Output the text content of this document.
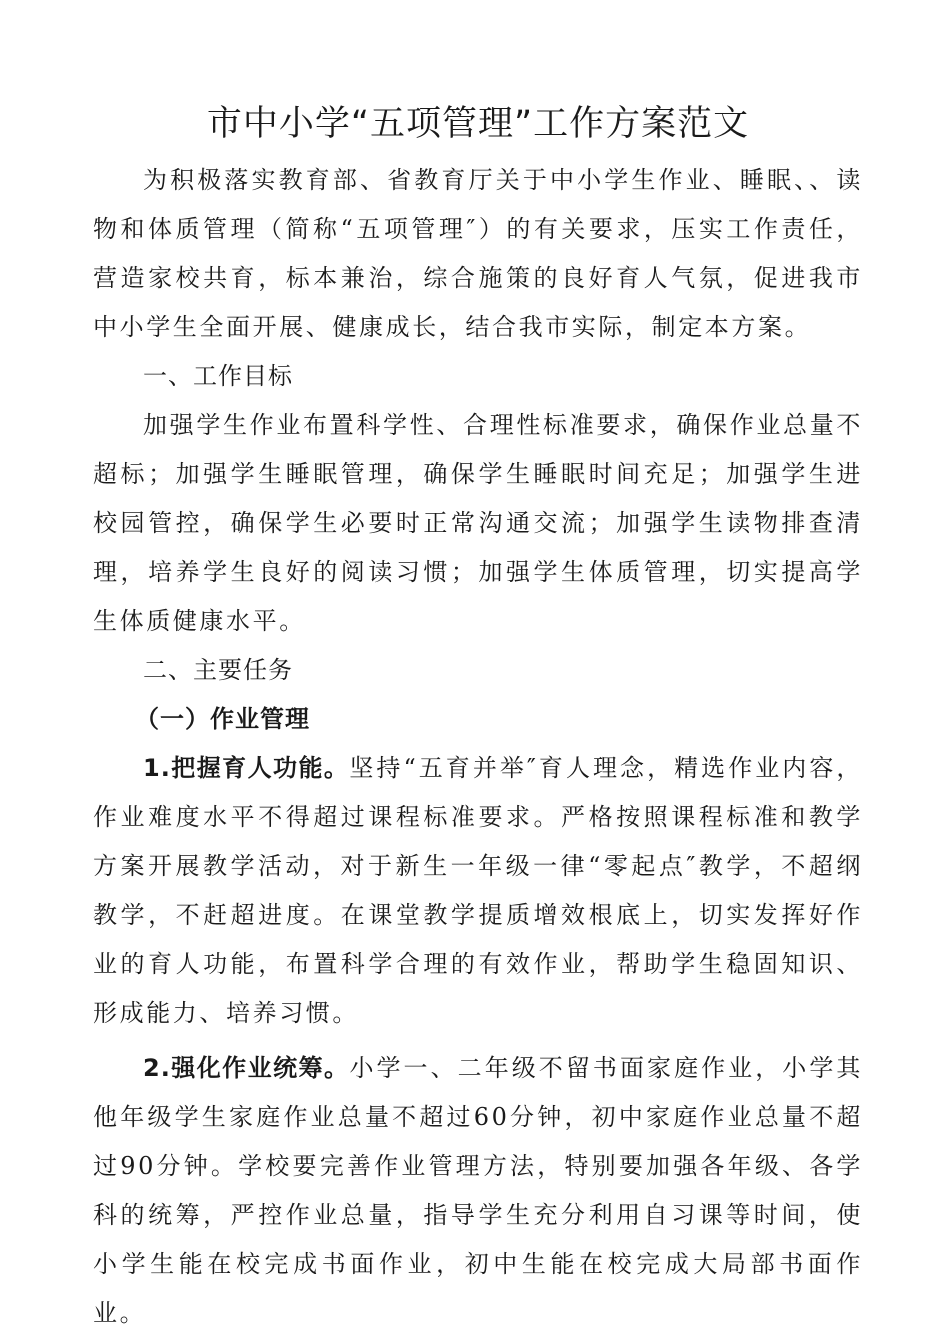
市中小学“五项管理”工作方案范文

为积极落实教育部、省教育厅关于中小学生作业、睡眠、、读物和体质管理（简称“五项管理″）的有关要求，压实工作责任，营造家校共育，标本兼治，综合施策的良好育人气氛，促进我市中小学生全面开展、健康成长，结合我市实际，制定本方案。

一、工作目标

加强学生作业布置科学性、合理性标准要求，确保作业总量不超标；加强学生睡眠管理，确保学生睡眠时间充足；加强学生进校园管控，确保学生必要时正常沟通交流；加强学生读物排查清理，培养学生良好的阅读习惯；加强学生体质管理，切实提高学生体质健康水平。

二、主要任务
（一）作业管理

1.把握育人功能。坚持“五育并举″育人理念，精选作业内容，作业难度水平不得超过课程标准要求。严格按照课程标准和教学方案开展教学活动，对于新生一年级一律“零起点″教学，不超纲教学，不赶超进度。在课堂教学提质增效根底上，切实发挥好作业的育人功能，布置科学合理的有效作业，帮助学生稳固知识、形成能力、培养习惯。

2.强化作业统筹。小学一、二年级不留书面家庭作业，小学其他年级学生家庭作业总量不超过60分钟，初中家庭作业总量不超过90分钟。学校要完善作业管理方法，特别要加强各年级、各学科的统筹，严控作业总量，指导学生充分利用自习课等时间，使小学生能在校完成书面作业，初中生能在校完成大局部书面作业。
